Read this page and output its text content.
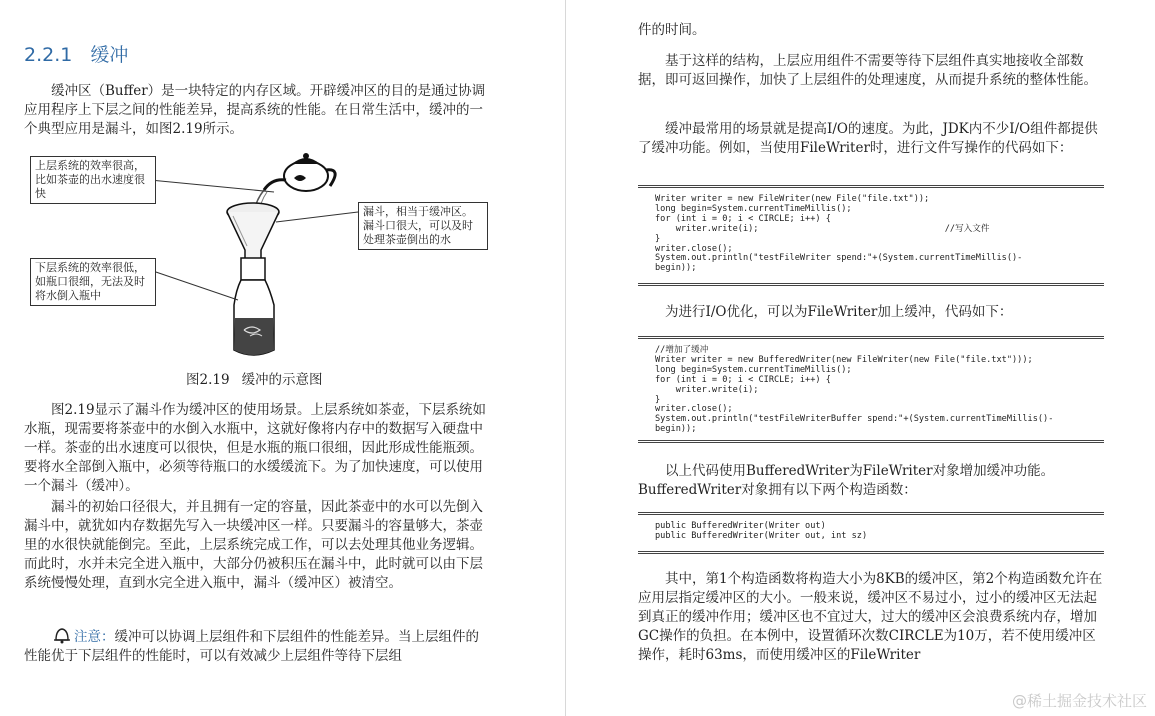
2.2.1 缓冲

缓冲区（Buffer）是一块特定的内存区域。开辟缓冲区的目的是通过协调应用程序上下层之间的性能差异，提高系统的性能。在日常生活中，缓冲的一个典型应用是漏斗，如图2.19所示。

上层系统的效率很高，比如茶壶的出水速度很快
漏斗，相当于缓冲区。漏斗口很大，可以及时处理茶壶倒出的水
下层系统的效率很低，如瓶口很细，无法及时将水倒入瓶中
图2.19 缓冲的示意图

图2.19显示了漏斗作为缓冲区的使用场景。上层系统如茶壶，下层系统如水瓶，现需要将茶壶中的水倒入水瓶中，这就好像将内存中的数据写入硬盘中一样。茶壶的出水速度可以很快，但是水瓶的瓶口很细，因此形成性能瓶颈。要将水全部倒入瓶中，必须等待瓶口的水缓缓流下。为了加快速度，可以使用一个漏斗（缓冲）。

漏斗的初始口径很大，并且拥有一定的容量，因此茶壶中的水可以先倒入漏斗中，就犹如内存数据先写入一块缓冲区一样。只要漏斗的容量够大，茶壶里的水很快就能倒完。至此，上层系统完成工作，可以去处理其他业务逻辑。而此时，水并未完全进入瓶中，大部分仍被积压在漏斗中，此时就可以由下层系统慢慢处理，直到水完全进入瓶中，漏斗（缓冲区）被清空。

注意：缓冲可以协调上层组件和下层组件的性能差异。当上层组件的性能优于下层组件的性能时，可以有效减少上层组件等待下层组

件的时间。

基于这样的结构，上层应用组件不需要等待下层组件真实地接收全部数据，即可返回操作，加快了上层组件的处理速度，从而提升系统的整体性能。

缓冲最常用的场景就是提高I/O的速度。为此，JDK内不少I/O组件都提供了缓冲功能。例如，当使用FileWriter时，进行文件写操作的代码如下：

Writer writer = new FileWriter(new File("file.txt"));
long begin=System.currentTimeMillis();
for (int i = 0; i < CIRCLE; i++) {
writer.write(i);                                    //写入文件
}
writer.close();
System.out.println("testFileWriter spend:"+(System.currentTimeMillis()-
begin));

为进行I/O优化，可以为FileWriter加上缓冲，代码如下：

//增加了缓冲
Writer writer = new BufferedWriter(new FileWriter(new File("file.txt")));
long begin=System.currentTimeMillis();
for (int i = 0; i < CIRCLE; i++) {
writer.write(i);
}
writer.close();
System.out.println("testFileWriterBuffer spend:"+(System.currentTimeMillis()-
begin));

以上代码使用BufferedWriter为FileWriter对象增加缓冲功能。BufferedWriter对象拥有以下两个构造函数：

public BufferedWriter(Writer out)
public BufferedWriter(Writer out, int sz)

其中，第1个构造函数将构造大小为8KB的缓冲区，第2个构造函数允许在应用层指定缓冲区的大小。一般来说，缓冲区不易过小，过小的缓冲区无法起到真正的缓冲作用；缓冲区也不宜过大，过大的缓冲区会浪费系统内存，增加GC操作的负担。在本例中，设置循环次数CIRCLE为10万，若不使用缓冲区操作，耗时63ms，而使用缓冲区的FileWriter

@稀土掘金技术社区
